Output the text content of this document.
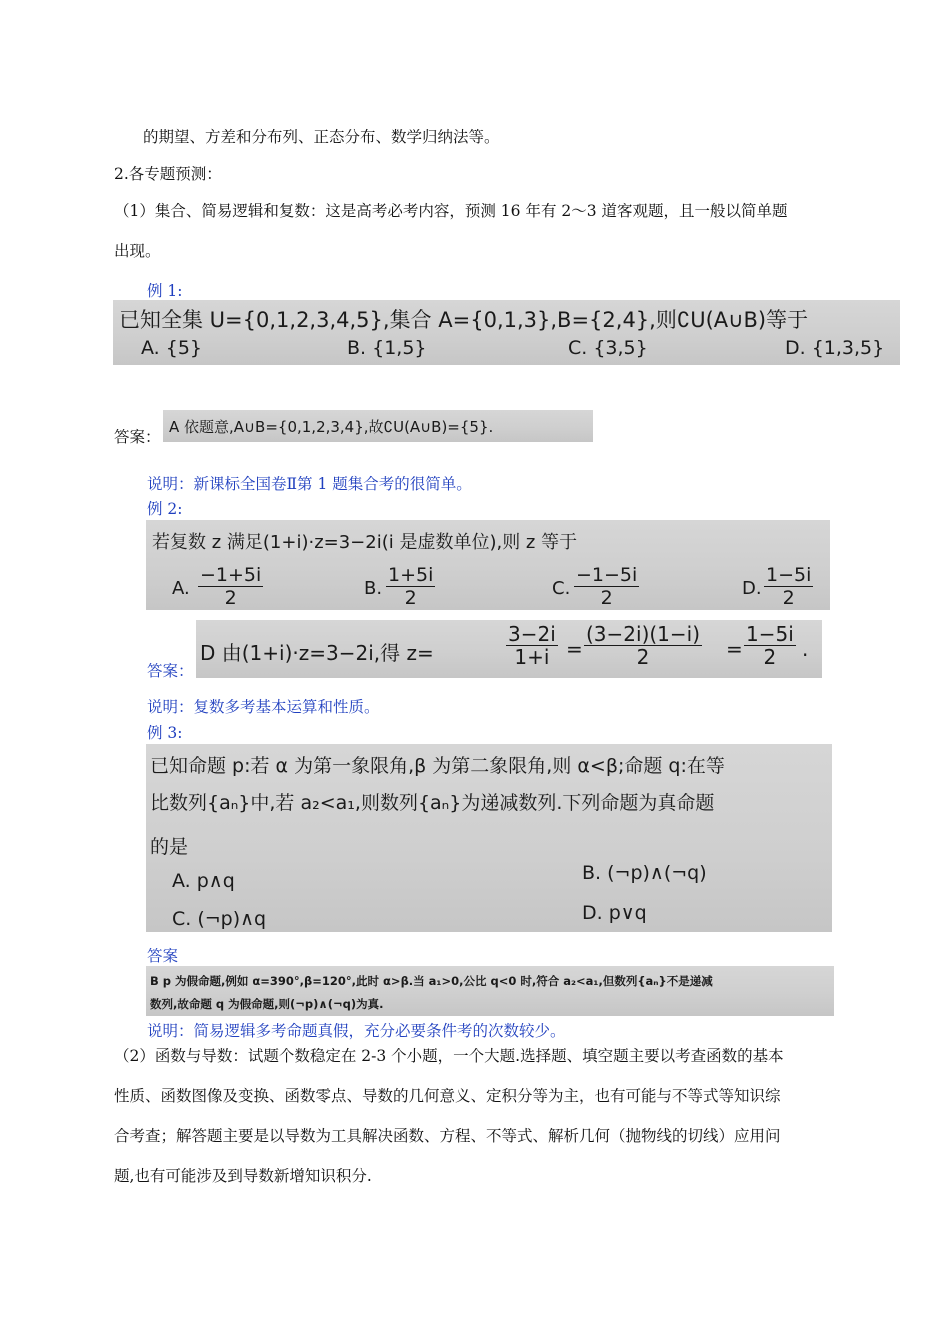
的期望、方差和分布列、正态分布、数学归纳法等。
2.各专题预测：
（1）集合、简易逻辑和复数：这是高考必考内容，预测 16 年有 2～3 道客观题，且一般以简单题
出现。
例 1:
已知全集 U={0,1,2,3,4,5},集合 A={0,1,3},B={2,4},则∁U(A∪B)等于
A. {5}	B. {1,5}	C. {3,5}	D. {1,3,5}
答案：
A 依题意,A∪B={0,1,2,3,4},故∁U(A∪B)={5}.
说明：新课标全国卷Ⅱ第 1 题集合考的很简单。
例 2:
若复数 z 满足(1+i)·z=3−2i(i 是虚数单位),则 z 等于
A.
−1+5i
2	B.
1+5i
2	C.
−1−5i
2	D.
1−5i
2
答案：
D 由(1+i)·z=3−2i,得 z=
3−2i
1+i =
(3−2i)(1−i)
2	=
1−5i
2	.
说明：复数多考基本运算和性质。
例 3:
已知命题 p:若 α 为第一象限角,β 为第二象限角,则 α<β;命题 q:在等
比数列{aₙ}中,若 a₂<a₁,则数列{aₙ}为递减数列.下列命题为真命题
的是
A. p∧q	B. (¬p)∧(¬q)
C. (¬p)∧q	D. p∨q
答案
B p 为假命题,例如 α=390°,β=120°,此时 α>β.当 a₁>0,公比 q<0 时,符合 a₂<a₁,但数列{aₙ}不是递减
数列,故命题 q 为假命题,则(¬p)∧(¬q)为真.
说明：简易逻辑多考命题真假，充分必要条件考的次数较少。
（2）函数与导数：试题个数稳定在 2-3 个小题，一个大题.选择题、填空题主要以考查函数的基本
性质、函数图像及变换、函数零点、导数的几何意义、定积分等为主，也有可能与不等式等知识综
合考查；解答题主要是以导数为工具解决函数、方程、不等式、解析几何（抛物线的切线）应用问
题,也有可能涉及到导数新增知识积分.
